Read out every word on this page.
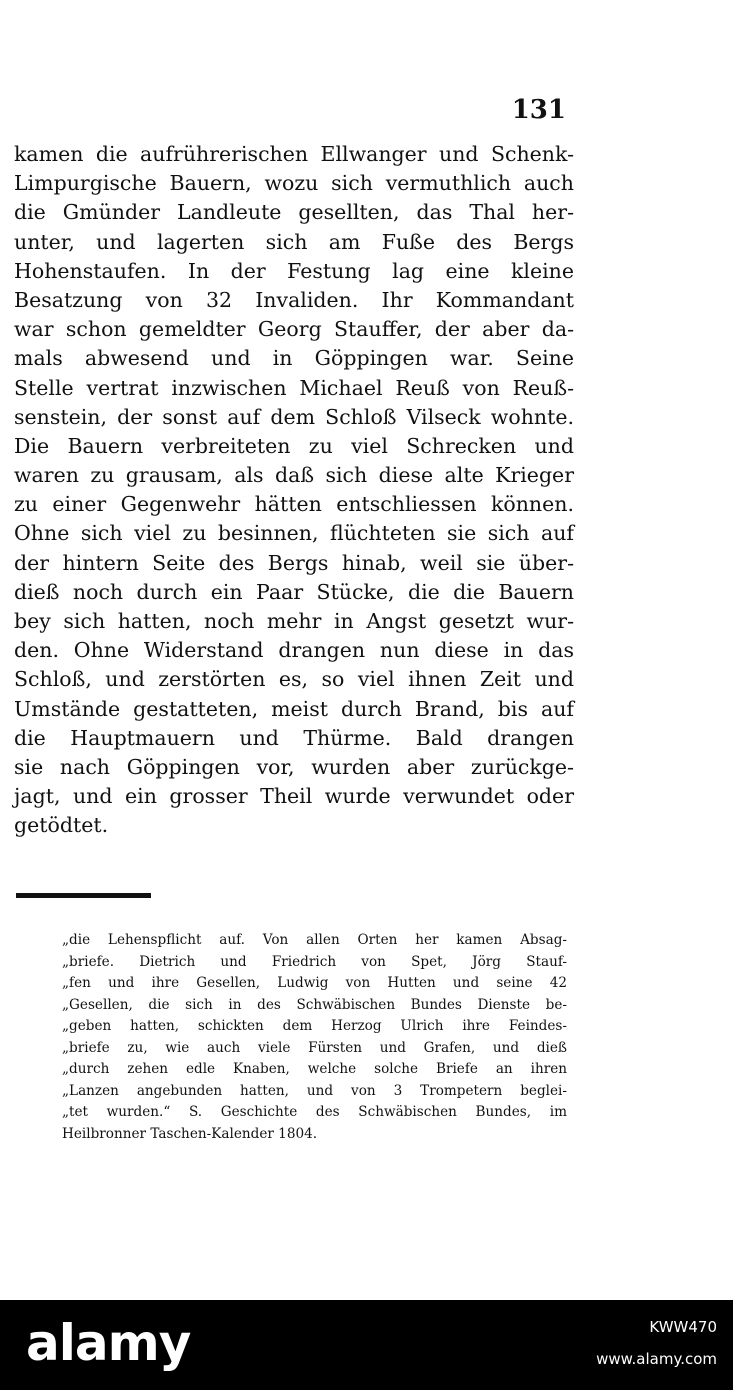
131
kamen die aufrührerischen Ellwanger und Schenk-
Limpurgische Bauern, wozu sich vermuthlich auch
die Gmünder Landleute gesellten, das Thal her-
unter, und lagerten sich am Fuße des Bergs
Hohenstaufen. In der Festung lag eine kleine
Besatzung von 32 Invaliden. Ihr Kommandant
war schon gemeldter Georg Stauffer, der aber da-
mals abwesend und in Göppingen war. Seine
Stelle vertrat inzwischen Michael Reuß von Reuß-
senstein, der sonst auf dem Schloß Vilseck wohnte.
Die Bauern verbreiteten zu viel Schrecken und
waren zu grausam, als daß sich diese alte Krieger
zu einer Gegenwehr hätten entschliessen können.
Ohne sich viel zu besinnen, flüchteten sie sich auf
der hintern Seite des Bergs hinab, weil sie über-
dieß noch durch ein Paar Stücke, die die Bauern
bey sich hatten, noch mehr in Angst gesetzt wur-
den. Ohne Widerstand drangen nun diese in das
Schloß, und zerstörten es, so viel ihnen Zeit und
Umstände gestatteten, meist durch Brand, bis auf
die Hauptmauern und Thürme. Bald drangen
sie nach Göppingen vor, wurden aber zurückge-
jagt, und ein grosser Theil wurde verwundet oder
getödtet.
„die Lehenspflicht auf. Von allen Orten her kamen Absag-
„briefe. Dietrich und Friedrich von Spet, Jörg Stauf-
„fen und ihre Gesellen, Ludwig von Hutten und seine 42
„Gesellen, die sich in des Schwäbischen Bundes Dienste be-
„geben hatten, schickten dem Herzog Ulrich ihre Feindes-
„briefe zu, wie auch viele Fürsten und Grafen, und dieß
„durch zehen edle Knaben, welche solche Briefe an ihren
„Lanzen angebunden hatten, und von 3 Trompetern beglei-
„tet wurden.“ S. Geschichte des Schwäbischen Bundes, im
Heilbronner Taschen-Kalender 1804.
alamy	KWW470
www.alamy.com
